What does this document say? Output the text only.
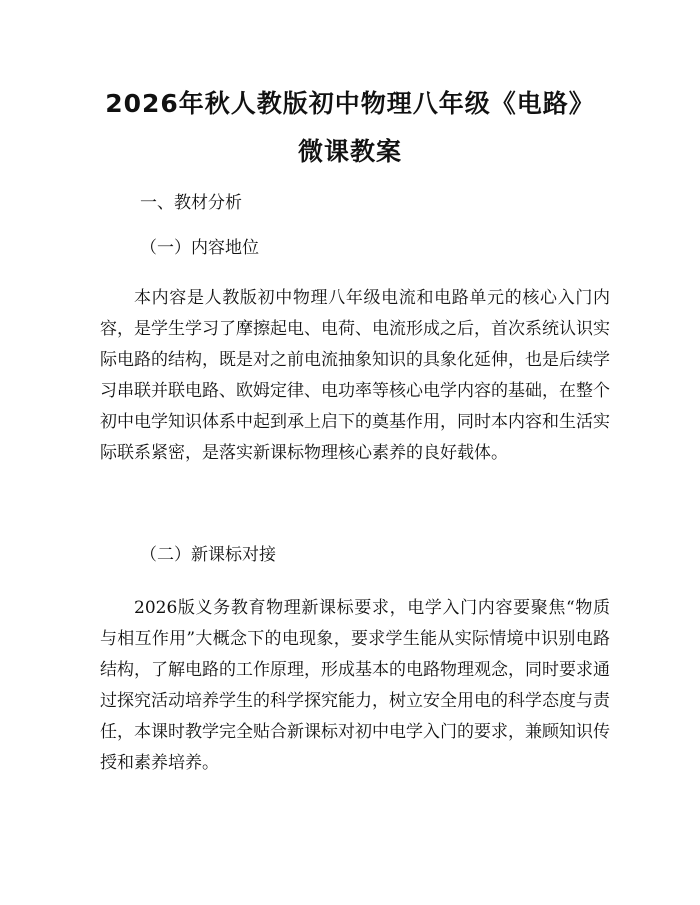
2026年秋人教版初中物理八年级《电路》微课教案
一、教材分析
（一）内容地位

本内容是人教版初中物理八年级电流和电路单元的核心入门内容，是学生学习了摩擦起电、电荷、电流形成之后，首次系统认识实际电路的结构，既是对之前电流抽象知识的具象化延伸，也是后续学习串联并联电路、欧姆定律、电功率等核心电学内容的基础，在整个初中电学知识体系中起到承上启下的奠基作用，同时本内容和生活实际联系紧密，是落实新课标物理核心素养的良好载体。

（二）新课标对接

2026版义务教育物理新课标要求，电学入门内容要聚焦“物质与相互作用”大概念下的电现象，要求学生能从实际情境中识别电路结构，了解电路的工作原理，形成基本的电路物理观念，同时要求通过探究活动培养学生的科学探究能力，树立安全用电的科学态度与责任，本课时教学完全贴合新课标对初中电学入门的要求，兼顾知识传授和素养培养。
